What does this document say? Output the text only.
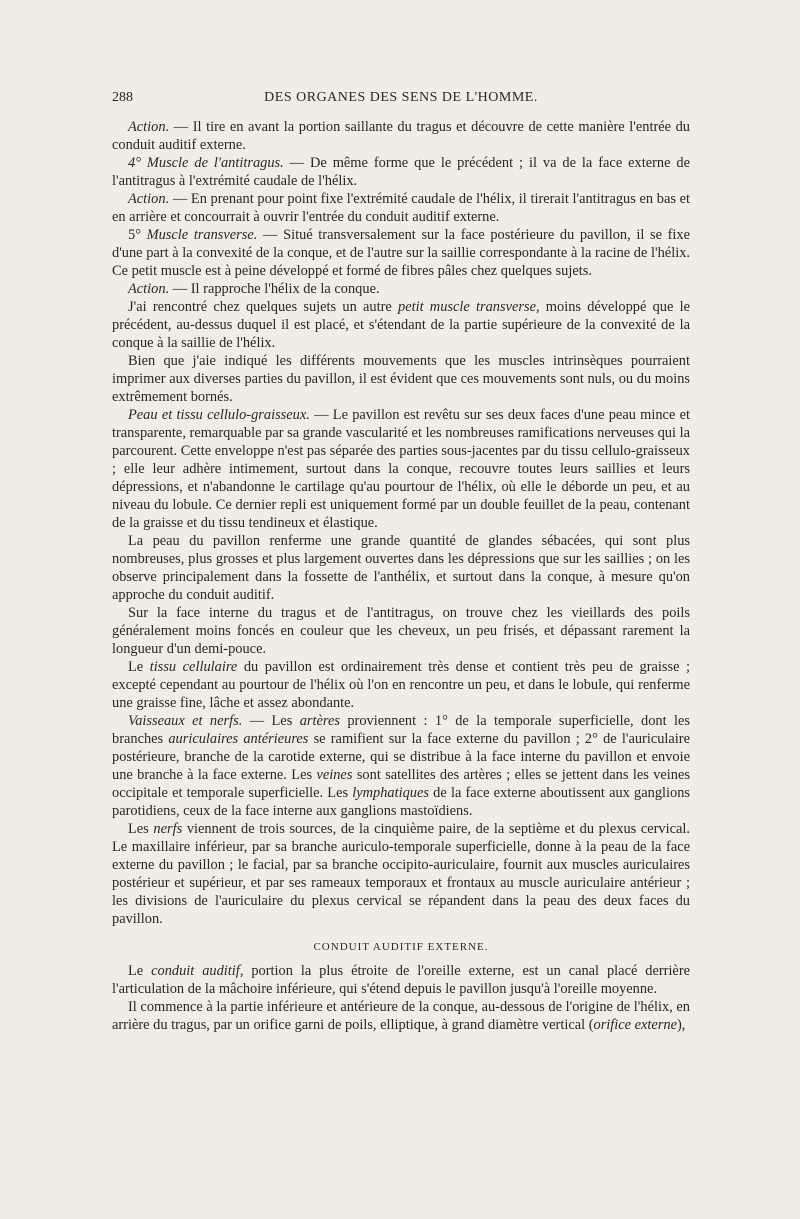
288	DES ORGANES DES SENS DE L'HOMME.

Action. — Il tire en avant la portion saillante du tragus et découvre de cette manière l'entrée du conduit auditif externe.

4° Muscle de l'antitragus. — De même forme que le précédent ; il va de la face externe de l'antitragus à l'extrémité caudale de l'hélix.

Action. — En prenant pour point fixe l'extrémité caudale de l'hélix, il tirerait l'antitragus en bas et en arrière et concourrait à ouvrir l'entrée du conduit auditif externe.

5° Muscle transverse. — Situé transversalement sur la face postérieure du pavillon, il se fixe d'une part à la convexité de la conque, et de l'autre sur la saillie correspondante à la racine de l'hélix. Ce petit muscle est à peine développé et formé de fibres pâles chez quelques sujets.

Action. — Il rapproche l'hélix de la conque.

J'ai rencontré chez quelques sujets un autre petit muscle transverse, moins développé que le précédent, au-dessus duquel il est placé, et s'étendant de la partie supérieure de la convexité de la conque à la saillie de l'hélix.

Bien que j'aie indiqué les différents mouvements que les muscles intrinsèques pourraient imprimer aux diverses parties du pavillon, il est évident que ces mouvements sont nuls, ou du moins extrêmement bornés.

Peau et tissu cellulo-graisseux. — Le pavillon est revêtu sur ses deux faces d'une peau mince et transparente, remarquable par sa grande vascularité et les nombreuses ramifications nerveuses qui la parcourent. Cette enveloppe n'est pas séparée des parties sous-jacentes par du tissu cellulo-graisseux ; elle leur adhère intimement, surtout dans la conque, recouvre toutes leurs saillies et leurs dépressions, et n'abandonne le cartilage qu'au pourtour de l'hélix, où elle le déborde un peu, et au niveau du lobule. Ce dernier repli est uniquement formé par un double feuillet de la peau, contenant de la graisse et du tissu tendineux et élastique.

La peau du pavillon renferme une grande quantité de glandes sébacées, qui sont plus nombreuses, plus grosses et plus largement ouvertes dans les dépressions que sur les saillies ; on les observe principalement dans la fossette de l'anthélix, et surtout dans la conque, à mesure qu'on approche du conduit auditif.

Sur la face interne du tragus et de l'antitragus, on trouve chez les vieillards des poils généralement moins foncés en couleur que les cheveux, un peu frisés, et dépassant rarement la longueur d'un demi-pouce.

Le tissu cellulaire du pavillon est ordinairement très dense et contient très peu de graisse ; excepté cependant au pourtour de l'hélix où l'on en rencontre un peu, et dans le lobule, qui renferme une graisse fine, lâche et assez abondante.

Vaisseaux et nerfs. — Les artères proviennent : 1° de la temporale superficielle, dont les branches auriculaires antérieures se ramifient sur la face externe du pavillon ; 2° de l'auriculaire postérieure, branche de la carotide externe, qui se distribue à la face interne du pavillon et envoie une branche à la face externe. Les veines sont satellites des artères ; elles se jettent dans les veines occipitale et temporale superficielle. Les lymphatiques de la face externe aboutissent aux ganglions parotidiens, ceux de la face interne aux ganglions mastoïdiens.

Les nerfs viennent de trois sources, de la cinquième paire, de la septième et du plexus cervical. Le maxillaire inférieur, par sa branche auriculo-temporale superficielle, donne à la peau de la face externe du pavillon ; le facial, par sa branche occipito-auriculaire, fournit aux muscles auriculaires postérieur et supérieur, et par ses rameaux temporaux et frontaux au muscle auriculaire antérieur ; les divisions de l'auriculaire du plexus cervical se répandent dans la peau des deux faces du pavillon.

CONDUIT AUDITIF EXTERNE.

Le conduit auditif, portion la plus étroite de l'oreille externe, est un canal placé derrière l'articulation de la mâchoire inférieure, qui s'étend depuis le pavillon jusqu'à l'oreille moyenne.

Il commence à la partie inférieure et antérieure de la conque, au-dessous de l'origine de l'hélix, en arrière du tragus, par un orifice garni de poils, elliptique, à grand diamètre vertical (orifice externe),
